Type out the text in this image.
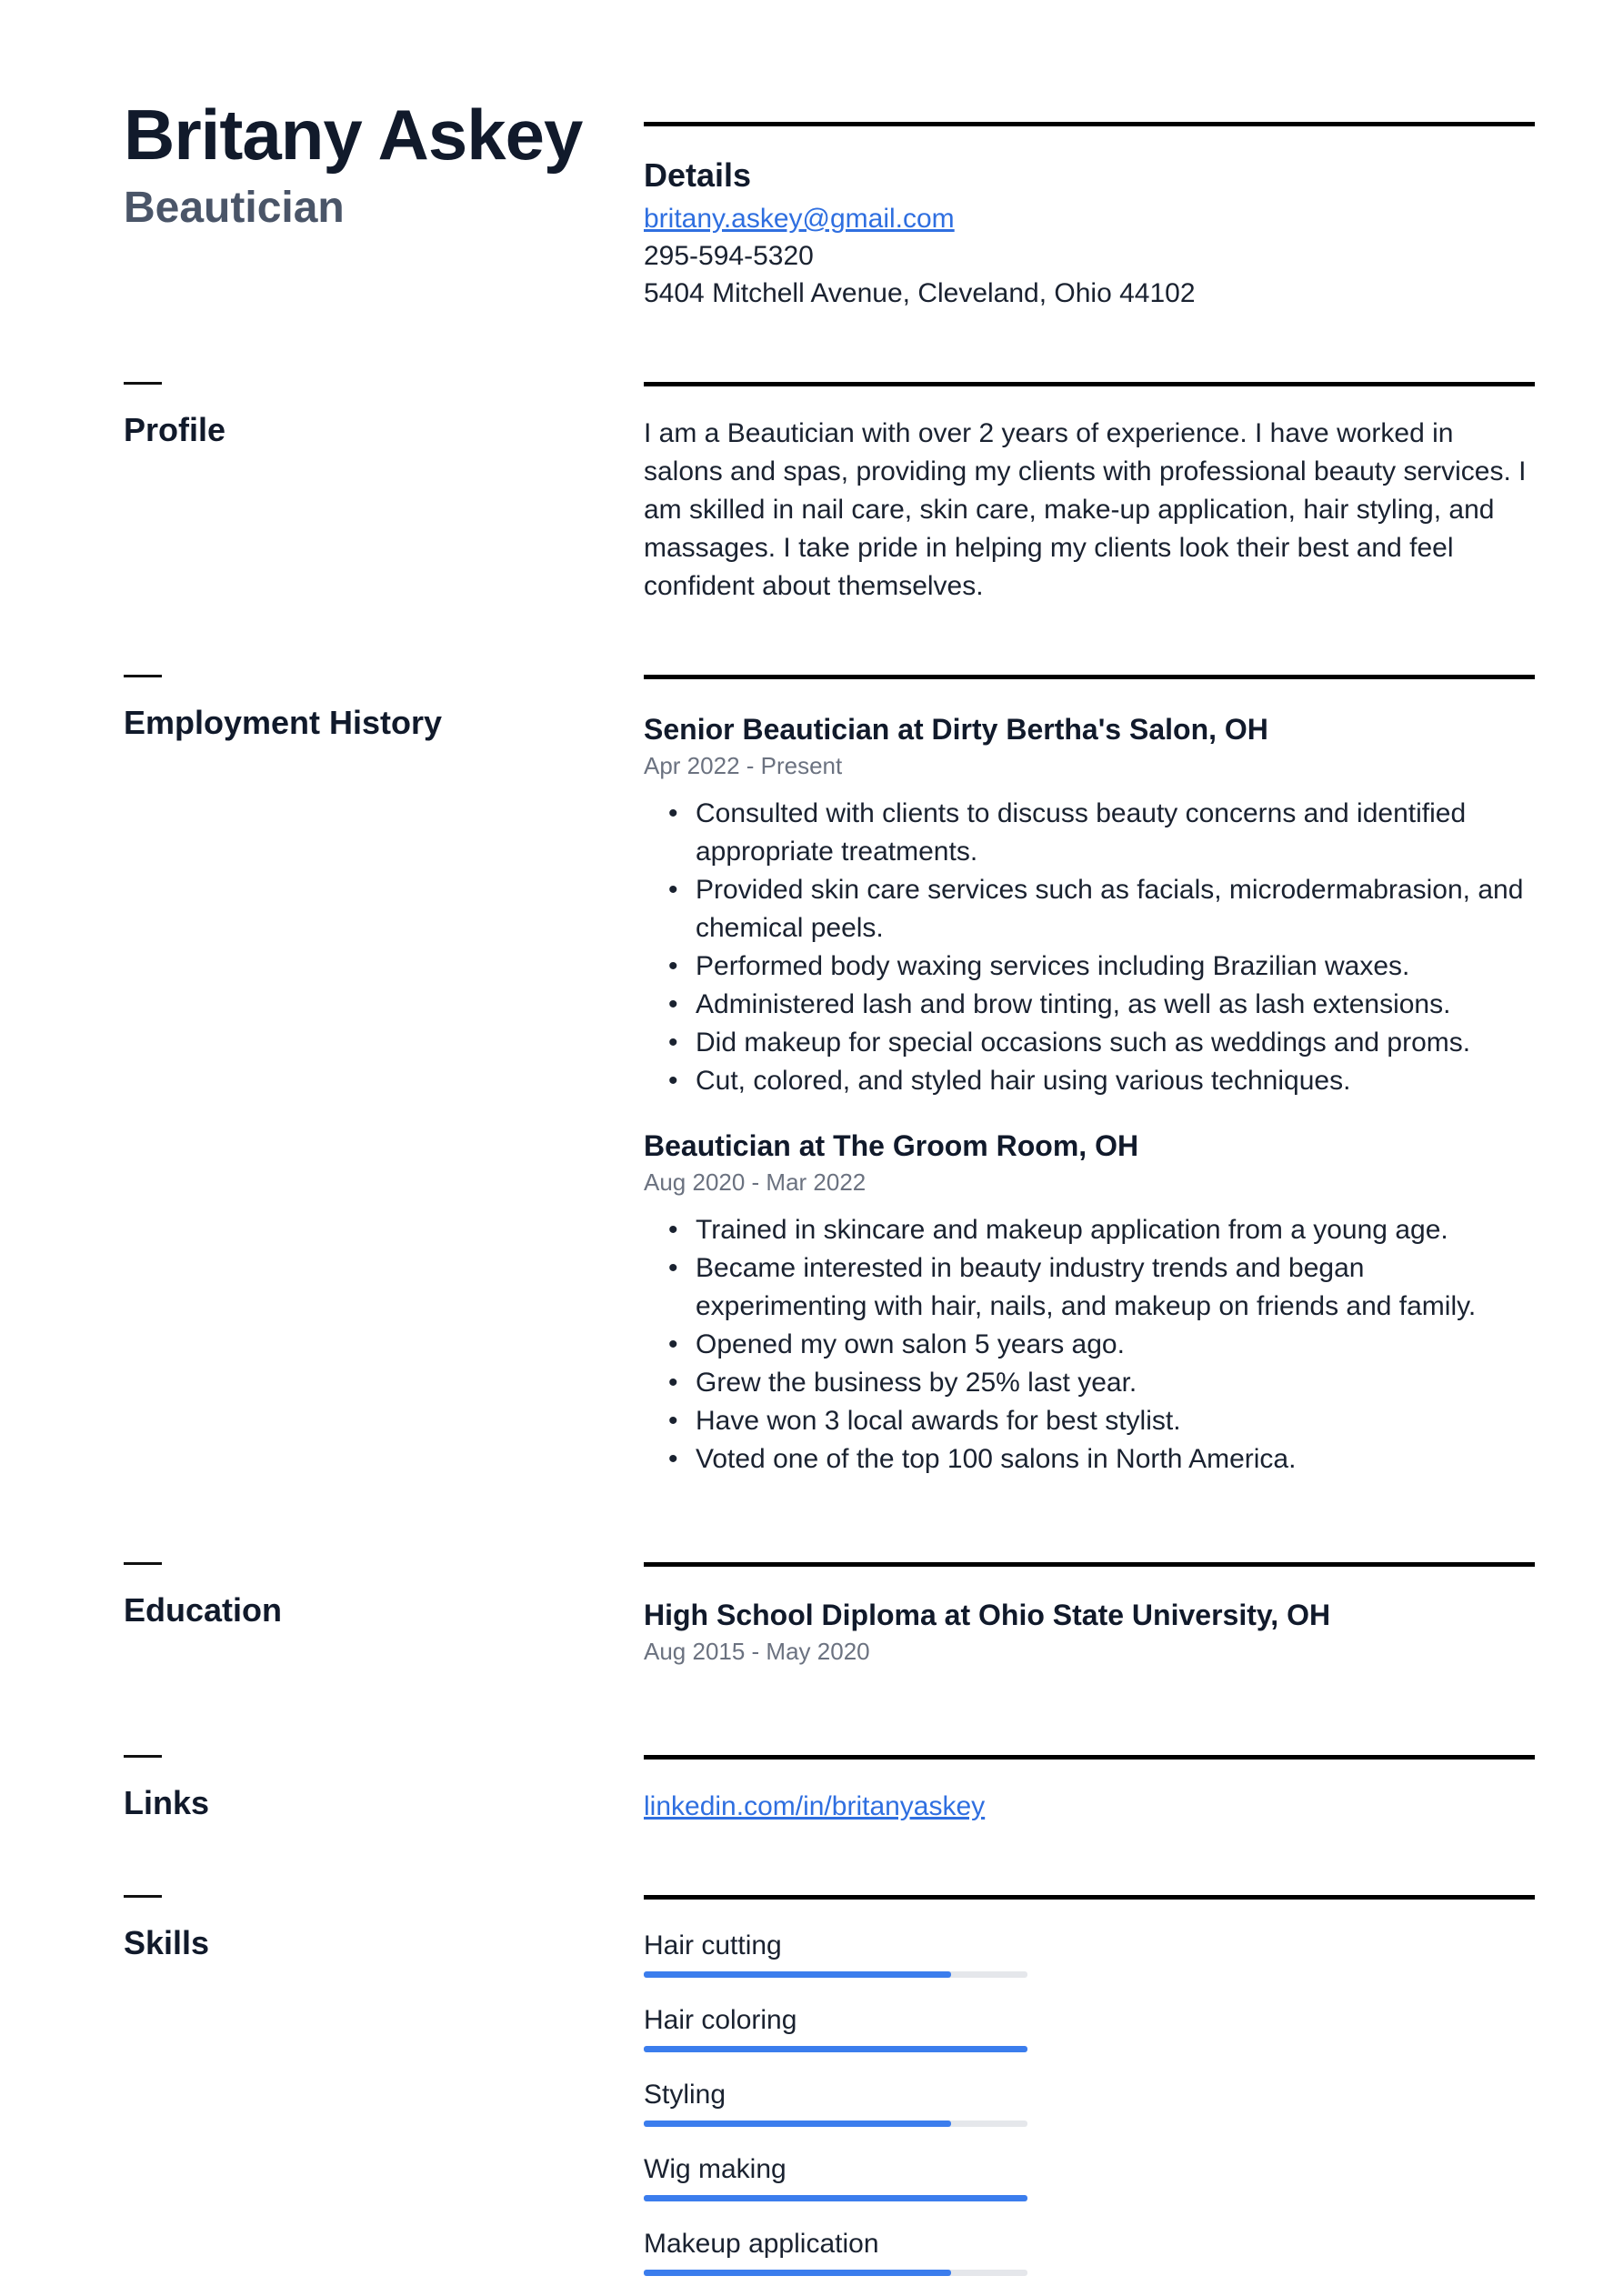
Britany Askey
Beautician

Details

britany.askey@gmail.com

295-594-5320

5404 Mitchell Avenue, Cleveland, Ohio 44102

Profile	I am a Beautician with over 2 years of experience. I have worked in salons and spas, providing my clients with professional beauty services. I am skilled in nail care, skin care, make-up application, hair styling, and massages. I take pride in helping my clients look their best and feel confident about themselves.

Employment History	Senior Beautician at Dirty Bertha's Salon, OH

Apr 2022 - Present

• Consulted with clients to discuss beauty concerns and identified appropriate treatments.
• Provided skin care services such as facials, microdermabrasion, and chemical peels.
• Performed body waxing services including Brazilian waxes.
• Administered lash and brow tinting, as well as lash extensions.
• Did makeup for special occasions such as weddings and proms.
• Cut, colored, and styled hair using various techniques.

Beautician at The Groom Room, OH

Aug 2020 - Mar 2022

• Trained in skincare and makeup application from a young age.
• Became interested in beauty industry trends and began experimenting with hair, nails, and makeup on friends and family.
• Opened my own salon 5 years ago.
• Grew the business by 25% last year.
• Have won 3 local awards for best stylist.
• Voted one of the top 100 salons in North America.

Education	High School Diploma at Ohio State University, OH

Aug 2015 - May 2020

Links	linkedin.com/in/britanyaskey

Skills	Hair cutting

Hair coloring

Styling

Wig making

Makeup application
